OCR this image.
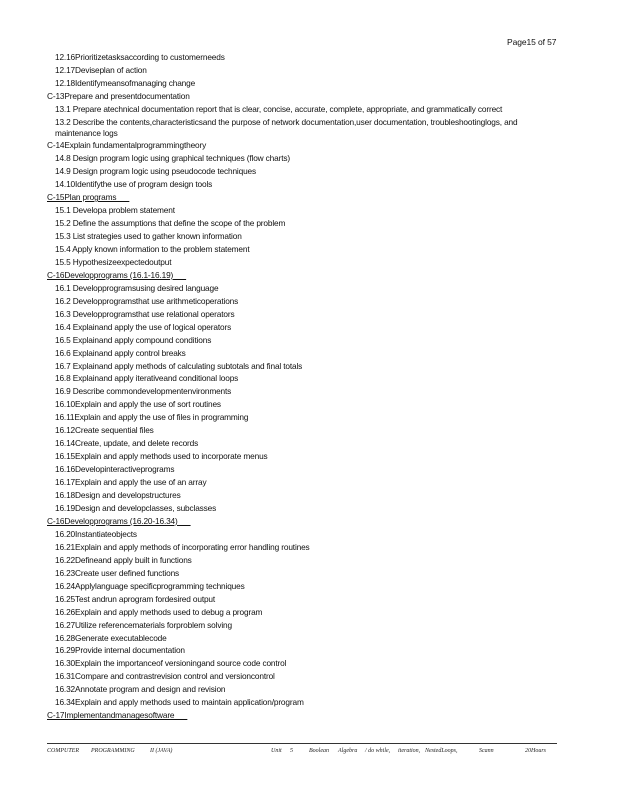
Page15 of 57
12.16Prioritizetasksaccording to customerneeds
12.17Deviseplan of action
12.18Identifymeansofmanaging change
C-13Prepare and presentdocumentation
13.1 Prepare atechnical documentation report that is clear, concise, accurate, complete, appropriate, and grammatically correct
13.2 Describe the contents,characteristicsand the purpose of network documentation,user documentation, troubleshootinglogs, and maintenance logs
C-14Explain fundamentalprogrammingtheory
14.8 Design program logic using graphical techniques (flow charts)
14.9 Design program logic using pseudocode techniques
14.10Identifythe use of program design tools
C-15Plan programs
15.1 Developa problem statement
15.2 Define the assumptions that define the scope of the problem
15.3 List strategies used to gather known information
15.4 Apply known information to the problem statement
15.5 Hypothesizeexpectedoutput
C-16Developprograms (16.1-16.19)
16.1 Developprogramsusing desired language
16.2 Developprogramsthat use arithmeticoperations
16.3 Developprogramsthat use relational operators
16.4 Explainand apply the use of logical operators
16.5 Explainand apply compound conditions
16.6 Explainand apply control breaks
16.7 Explainand apply methods of calculating subtotals and final totals
16.8 Explainand apply iterativeand conditional loops
16.9 Describe commondevelopmentenvironments
16.10Explain and apply the use of sort routines
16.11Explain and apply the use of files in programming
16.12Create sequential files
16.14Create, update, and delete records
16.15Explain and apply methods used to incorporate menus
16.16Developinteractiveprograms
16.17Explain and apply the use of an array
16.18Design and developstructures
16.19Design and developclasses, subclasses
C-16Developprograms (16.20-16.34)
16.20Instantiateobjects
16.21Explain and apply methods of incorporating error handling routines
16.22Defineand apply built in functions
16.23Create user defined functions
16.24Applylanguage specificprogramming techniques
16.25Test andrun aprogram fordesired output
16.26Explain and apply methods used to debug a program
16.27Utilize referencematerials forproblem solving
16.28Generate executablecode
16.29Provide internal documentation
16.30Explain the importanceof versioningand source code control
16.31Compare and contrastrevision control and versioncontrol
16.32Annotate program and design and revision
16.34Explain and apply methods used to maintain application/program
C-17Implementandmanagesoftware
COMPUTER PROGRAMMING	II (JAVA)	Unit 5	Boolean Algebra / do while, iteration, NestedLoops,	Scann	20Hours
